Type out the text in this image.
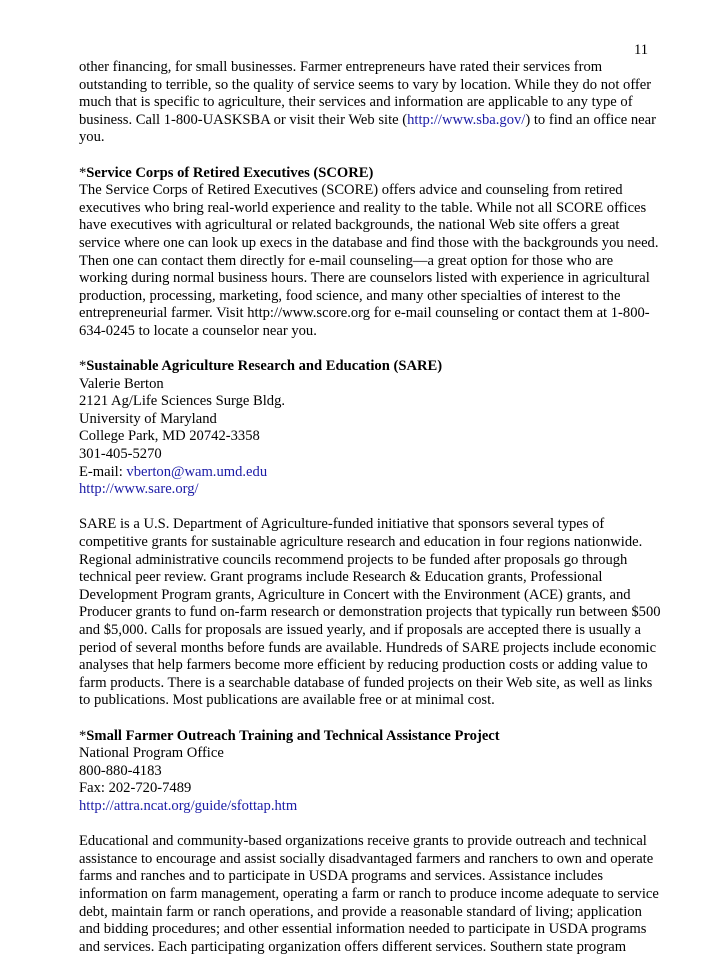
11
other financing, for small businesses. Farmer entrepreneurs have rated their services from
outstanding to terrible, so the quality of service seems to vary by location. While they do not offer
much that is specific to agriculture, their services and information are applicable to any type of
business. Call 1-800-UASKSBA or visit their Web site (http://www.sba.gov/) to find an office near
you.
*Service Corps of Retired Executives (SCORE)
The Service Corps of Retired Executives (SCORE) offers advice and counseling from retired
executives who bring real-world experience and reality to the table. While not all SCORE offices
have executives with agricultural or related backgrounds, the national Web site offers a great
service where one can look up execs in the database and find those with the backgrounds you need.
Then one can contact them directly for e-mail counseling—a great option for those who are
working during normal business hours. There are counselors listed with experience in agricultural
production, processing, marketing, food science, and many other specialties of interest to the
entrepreneurial farmer. Visit http://www.score.org for e-mail counseling or contact them at 1-800-
634-0245 to locate a counselor near you.
*Sustainable Agriculture Research and Education (SARE)
Valerie Berton
2121 Ag/Life Sciences Surge Bldg.
University of Maryland
College Park, MD 20742-3358
301-405-5270
E-mail: vberton@wam.umd.edu
http://www.sare.org/
SARE is a U.S. Department of Agriculture-funded initiative that sponsors several types of
competitive grants for sustainable agriculture research and education in four regions nationwide.
Regional administrative councils recommend projects to be funded after proposals go through
technical peer review. Grant programs include Research & Education grants, Professional
Development Program grants, Agriculture in Concert with the Environment (ACE) grants, and
Producer grants to fund on-farm research or demonstration projects that typically run between $500
and $5,000. Calls for proposals are issued yearly, and if proposals are accepted there is usually a
period of several months before funds are available. Hundreds of SARE projects include economic
analyses that help farmers become more efficient by reducing production costs or adding value to
farm products. There is a searchable database of funded projects on their Web site, as well as links
to publications. Most publications are available free or at minimal cost.
*Small Farmer Outreach Training and Technical Assistance Project
National Program Office
800-880-4183
Fax: 202-720-7489
http://attra.ncat.org/guide/sfottap.htm
Educational and community-based organizations receive grants to provide outreach and technical
assistance to encourage and assist socially disadvantaged farmers and ranchers to own and operate
farms and ranches and to participate in USDA programs and services. Assistance includes
information on farm management, operating a farm or ranch to produce income adequate to service
debt, maintain farm or ranch operations, and provide a reasonable standard of living; application
and bidding procedures; and other essential information needed to participate in USDA programs
and services. Each participating organization offers different services. Southern state program
